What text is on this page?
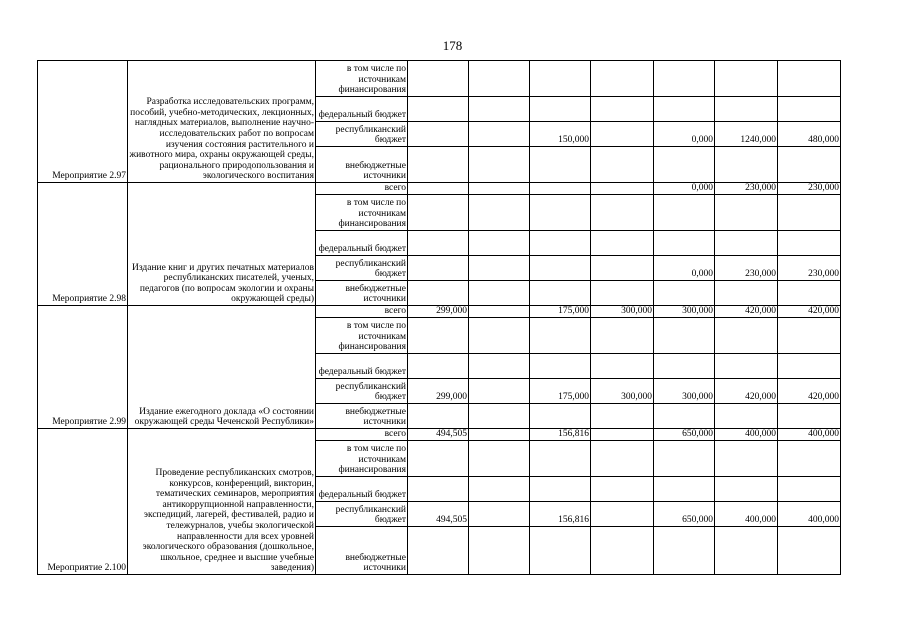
178
Мероприятие 2.97	Разработка исследовательских программ, пособий, учебно-методических, лекционных, наглядных материалов, выполнение научно-исследовательских работ по вопросам изучения состояния растительного и животного мира, охраны окружающей среды, рационального природопользования и экологического воспитания	в том числе по источникам финансирования							
		федеральный бюджет							
		республиканский бюджет			150,000		0,000	1240,000	480,000
		внебюджетные источники							
Мероприятие 2.98	Издание книг и других печатных материалов республиканских писателей, ученых, педагогов (по вопросам экологии и охраны окружающей среды)	всего					0,000	230,000	230,000
		в том числе по источникам финансирования							
		федеральный бюджет							
		республиканский бюджет					0,000	230,000	230,000
		внебюджетные источники							
Мероприятие 2.99	Издание ежегодного доклада «О состоянии окружающей среды Чеченской Республики»	всего	299,000		175,000	300,000	300,000	420,000	420,000
		в том числе по источникам финансирования							
		федеральный бюджет							
		республиканский бюджет	299,000		175,000	300,000	300,000	420,000	420,000
		внебюджетные источники							
Мероприятие 2.100	Проведение республиканских смотров, конкурсов, конференций, викторин, тематических семинаров, мероприятия антикоррупционной направленности, экспедиций, лагерей, фестивалей, радио и тележурналов, учебы экологической направленности для всех уровней экологического образования (дошкольное, школьное, среднее и высшие учебные заведения)	всего	494,505		156,816		650,000	400,000	400,000
		в том числе по источникам финансирования							
		федеральный бюджет							
		республиканский бюджет	494,505		156,816		650,000	400,000	400,000
		внебюджетные источники							
